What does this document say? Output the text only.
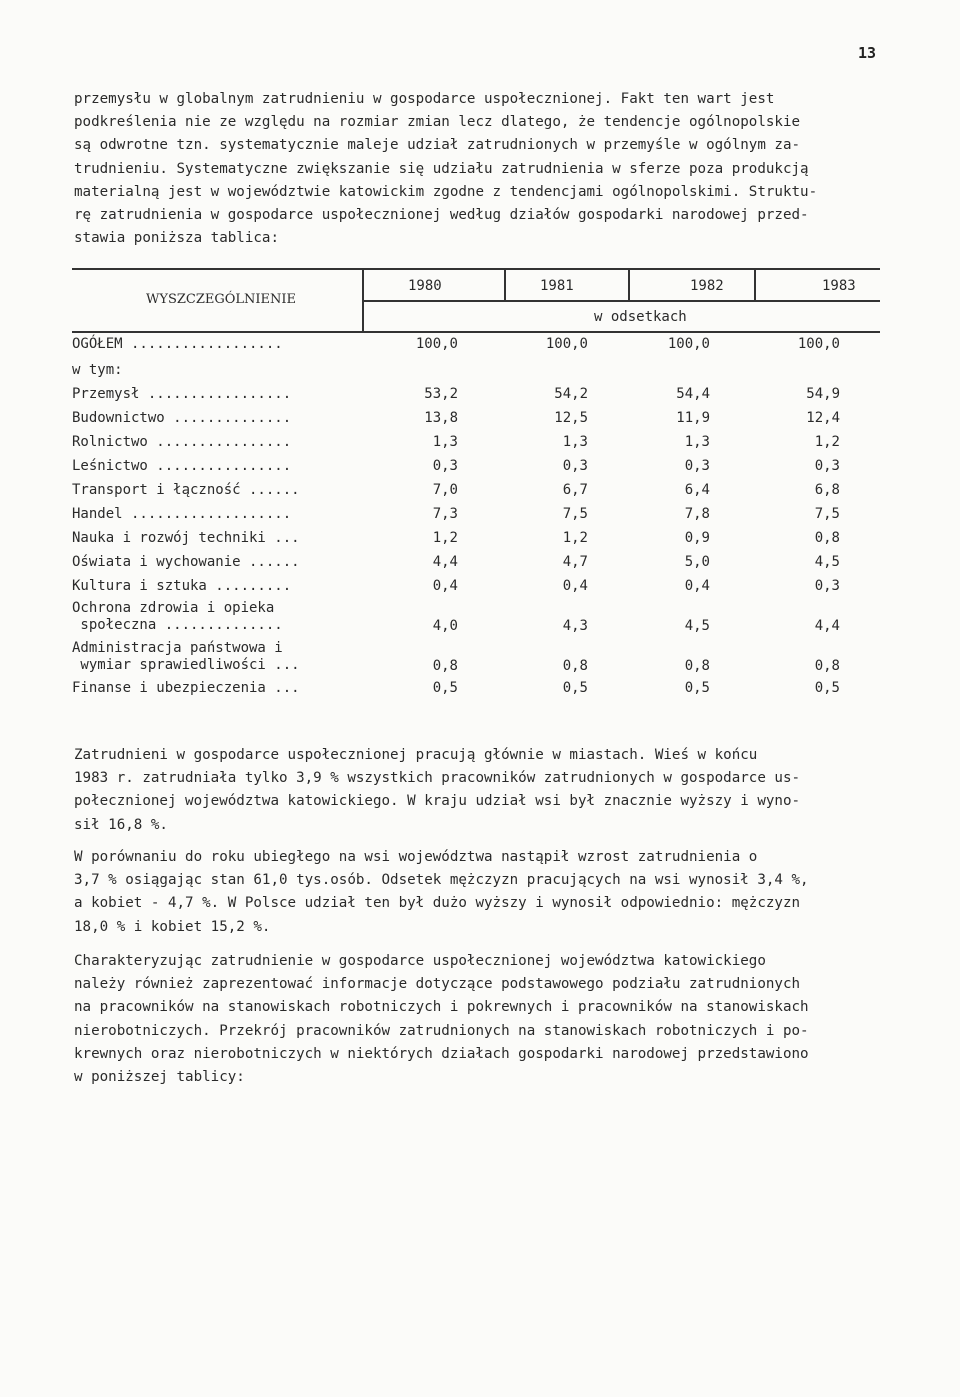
13
przemysłu w globalnym zatrudnieniu w gospodarce uspołecznionej. Fakt ten wart jest
podkreślenia nie ze względu na rozmiar zmian lecz dlatego, że tendencje ogólnopolskie
są odwrotne tzn. systematycznie maleje udział zatrudnionych w przemyśle w ogólnym za-
trudnieniu. Systematyczne zwiększanie się udziału zatrudnienia w sferze poza produkcją
materialną jest w województwie katowickim zgodne z tendencjami ogólnopolskimi. Struktu-
rę zatrudnienia w gospodarce uspołecznionej według działów gospodarki narodowej przed-
stawia poniższa tablica:
WYSZCZEGÓLNIENIE
1980	1981	1982	1983
w odsetkach
OGÓŁEM ..................	100,0	100,0	100,0	100,0
w tym:
Przemysł .................	53,2	54,2	54,4	54,9
Budownictwo ..............	13,8	12,5	11,9	12,4
Rolnictwo ................	1,3	1,3	1,3	1,2
Leśnictwo ................	0,3	0,3	0,3	0,3
Transport i łączność ......	7,0	6,7	6,4	6,8
Handel ...................	7,3	7,5	7,8	7,5
Nauka i rozwój techniki ...	1,2	1,2	0,9	0,8
Oświata i wychowanie ......	4,4	4,7	5,0	4,5
Kultura i sztuka .........	0,4	0,4	0,4	0,3
Ochrona zdrowia i opieka
społeczna ..............	4,0	4,3	4,5	4,4
Administracja państwowa i
wymiar sprawiedliwości ...	0,8	0,8	0,8	0,8
Finanse i ubezpieczenia ...	0,5	0,5	0,5	0,5
Zatrudnieni w gospodarce uspołecznionej pracują głównie w miastach. Wieś w końcu
1983 r. zatrudniała tylko 3,9 % wszystkich pracowników zatrudnionych w gospodarce us-
połecznionej województwa katowickiego. W kraju udział wsi był znacznie wyższy i wyno-
sił 16,8 %.
W porównaniu do roku ubiegłego na wsi województwa nastąpił wzrost zatrudnienia o
3,7 % osiągając stan 61,0 tys.osób. Odsetek mężczyzn pracujących na wsi wynosił 3,4 %,
a kobiet - 4,7 %. W Polsce udział ten był dużo wyższy i wynosił odpowiednio: mężczyzn
18,0 % i kobiet 15,2 %.
Charakteryzując zatrudnienie w gospodarce uspołecznionej województwa katowickiego
należy również zaprezentować informacje dotyczące podstawowego podziału zatrudnionych
na pracowników na stanowiskach robotniczych i pokrewnych i pracowników na stanowiskach
nierobotniczych. Przekrój pracowników zatrudnionych na stanowiskach robotniczych i po-
krewnych oraz nierobotniczych w niektórych działach gospodarki narodowej przedstawiono
w poniższej tablicy:
